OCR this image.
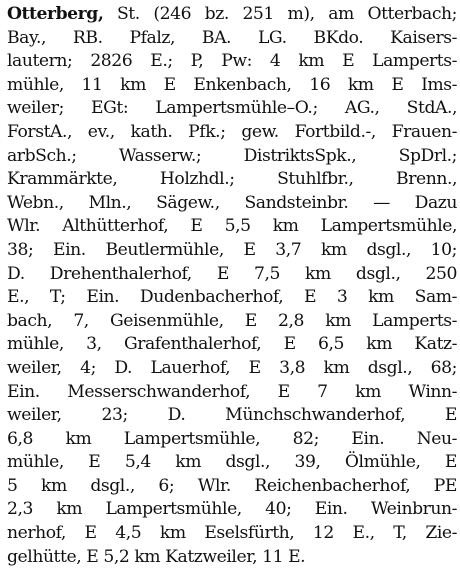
Otterberg, St. (246 bz. 251 m), am Otterbach;
Bay., RB. Pfalz, BA. LG. BKdo. Kaisers-
lautern; 2826 E.; P, Pw: 4 km E Lamperts-
mühle, 11 km E Enkenbach, 16 km E Ims-
weiler; EGt: Lampertsmühle–O.; AG., StdA.,
ForstA., ev., kath. Pfk.; gew. Fortbild.-, Frauen-
arbSch.; Wasserw.; DistriktsSpk., SpDrl.;
Krammärkte, Holzhdl.; Stuhlfbr., Brenn.,
Webn., Mln., Sägew., Sandsteinbr. — Dazu
Wlr. Althütterhof, E 5,5 km Lampertsmühle,
38; Ein. Beutlermühle, E 3,7 km dsgl., 10;
D. Drehenthalerhof, E 7,5 km dsgl., 250
E., T; Ein. Dudenbacherhof, E 3 km Sam-
bach, 7, Geisenmühle, E 2,8 km Lamperts-
mühle, 3, Grafenthalerhof, E 6,5 km Katz-
weiler, 4; D. Lauerhof, E 3,8 km dsgl., 68;
Ein. Messerschwanderhof, E 7 km Winn-
weiler, 23; D. Münchschwanderhof, E
6,8 km Lampertsmühle, 82; Ein. Neu-
mühle, E 5,4 km dsgl., 39, Ölmühle, E
5 km dsgl., 6; Wlr. Reichenbacherhof, PE
2,3 km Lampertsmühle, 40; Ein. Weinbrun-
nerhof, E 4,5 km Eselsfürth, 12 E., T, Zie-
gelhütte, E 5,2 km Katzweiler, 11 E.
